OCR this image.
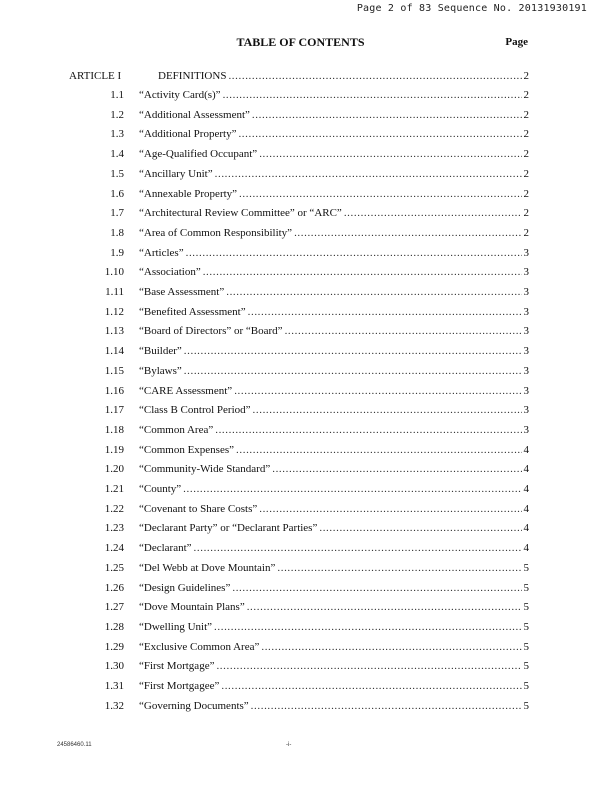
Page 2 of 83 Sequence No. 20131930191
TABLE OF CONTENTS	Page
ARTICLE I	DEFINITIONS .....	2
1.1 “Activity Card(s)” .....	2
1.2 “Additional Assessment” .....	2
1.3 “Additional Property” .....	2
1.4 “Age-Qualified Occupant” .....	2
1.5 “Ancillary Unit” .....	2
1.6 “Annexable Property” .....	2
1.7 “Architectural Review Committee” or “ARC” .....	2
1.8 “Area of Common Responsibility” .....	2
1.9 “Articles” .....	3
1.10 “Association” .....	3
1.11 “Base Assessment” .....	3
1.12 “Benefited Assessment” .....	3
1.13 “Board of Directors” or “Board” .....	3
1.14 “Builder” .....	3
1.15 “Bylaws” .....	3
1.16 “CARE Assessment” .....	3
1.17 “Class B Control Period” .....	3
1.18 “Common Area” .....	3
1.19 “Common Expenses” .....	4
1.20 “Community-Wide Standard” .....	4
1.21 “County” .....	4
1.22 “Covenant to Share Costs” .....	4
1.23 “Declarant Party” or “Declarant Parties” .....	4
1.24 “Declarant” .....	4
1.25 “Del Webb at Dove Mountain” .....	5
1.26 “Design Guidelines” .....	5
1.27 “Dove Mountain Plans” .....	5
1.28 “Dwelling Unit” .....	5
1.29 “Exclusive Common Area” .....	5
1.30 “First Mortgage” .....	5
1.31 “First Mortgagee” .....	5
1.32 “Governing Documents” .....	5
24586460.11	-i-
